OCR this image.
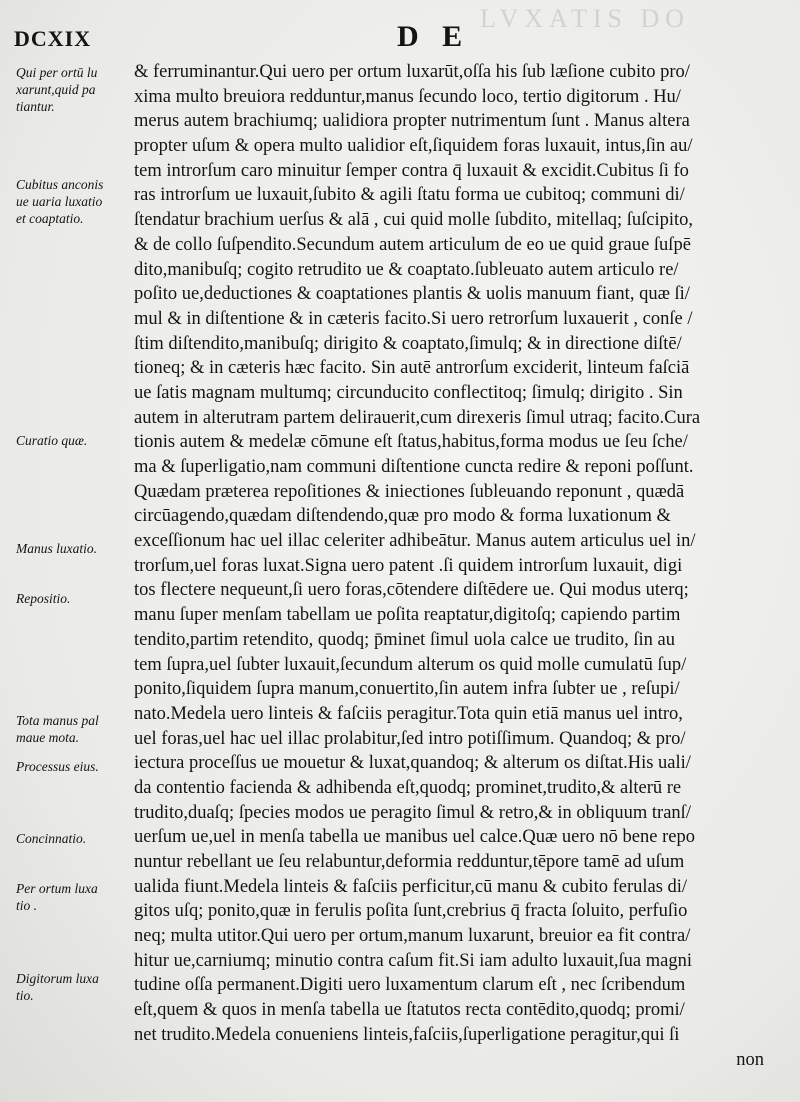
LVXATIS DO
DCXIX	D E
Qui per ortū lu
xarunt,quid pa
tiantur.
Cubitus anconis
ue uaria luxatio
et coaptatio.
Curatio quæ.
Manus luxatio.
Repositio.
Tota manus pal
maue mota.
Processus eius.
Concinnatio.
Per ortum luxa
tio .
Digitorum luxa
tio.
& ferruminantur.Qui uero per ortum luxarūt,oſſa his ſub læſione cubito pro/
xima multo breuiora redduntur,manus ſecundo loco, tertio digitorum . Hu/
merus autem brachiumq; ualidiora propter nutrimentum ſunt . Manus altera
propter uſum & opera multo ualidior eſt,ſiquidem foras luxauit, intus,ſin au/
tem introrſum caro minuitur ſemper contra q̄ luxauit & excidit.Cubitus ſi fo
ras introrſum ue luxauit,ſubito & agili ſtatu forma ue cubitoq; communi di/
ſtendatur brachium uerſus & alā , cui quid molle ſubdito, mitellaq; ſuſcipito,
& de collo ſuſpendito.Secundum autem articulum de eo ue quid graue ſuſpē
dito,manibuſq; cogito retrudito ue & coaptato.ſubleuato autem articulo re/
poſito ue,deductiones & coaptationes plantis & uolis manuum fiant, quæ ſi/
mul & in diſtentione & in cæteris facito.Si uero retrorſum luxauerit , conſe /
ſtim diſtendito,manibuſq; dirigito & coaptato,ſimulq; & in directione diſtē/
tioneq; & in cæteris hæc facito. Sin autē antrorſum exciderit, linteum faſciā
ue ſatis magnam multumq; circunducito conflectitoq; ſimulq; dirigito . Sin
autem in alterutram partem delirauerit,cum direxeris ſimul utraq; facito.Cura
tionis autem & medelæ cōmune eſt ſtatus,habitus,forma modus ue ſeu ſche/
ma & ſuperligatio,nam communi diſtentione cuncta redire & reponi poſſunt.
Quædam præterea repoſitiones & iniectiones ſubleuando reponunt , quædā
circūagendo,quædam diſtendendo,quæ pro modo & forma luxationum &
exceſſionum hac uel illac celeriter adhibeātur. Manus autem articulus uel in/
trorſum,uel foras luxat.Signa uero patent .ſi quidem introrſum luxauit, digi
tos flectere nequeunt,ſi uero foras,cōtendere diſtēdere ue. Qui modus uterq;
manu ſuper menſam tabellam ue poſita reaptatur,digitoſq; capiendo partim
tendito,partim retendito, quodq; p̄minet ſimul uola calce ue trudito, ſin au
tem ſupra,uel ſubter luxauit,ſecundum alterum os quid molle cumulatū ſup/
ponito,ſiquidem ſupra manum,conuertito,ſin autem infra ſubter ue , reſupi/
nato.Medela uero linteis & faſciis peragitur.Tota quin etiā manus uel intro,
uel foras,uel hac uel illac prolabitur,ſed intro potiſſimum. Quandoq; & pro/
iectura proceſſus ue mouetur & luxat,quandoq; & alterum os diſtat.His uali/
da contentio facienda & adhibenda eſt,quodq; prominet,trudito,& alterū re
trudito,duaſq; ſpecies modos ue peragito ſimul & retro,& in obliquum tranſ/
uerſum ue,uel in menſa tabella ue manibus uel calce.Quæ uero nō bene repo
nuntur rebellant ue ſeu relabuntur,deformia redduntur,tēpore tamē ad uſum
ualida fiunt.Medela linteis & faſciis perficitur,cū manu & cubito ferulas di/
gitos uſq; ponito,quæ in ferulis poſita ſunt,crebrius q̄ fracta ſoluito, perfuſio
neq; multa utitor.Qui uero per ortum,manum luxarunt, breuior ea fit contra/
hitur ue,carniumq; minutio contra caſum fit.Si iam adulto luxauit,ſua magni
tudine oſſa permanent.Digiti uero luxamentum clarum eſt , nec ſcribendum
eſt,quem & quos in menſa tabella ue ſtatutos recta contēdito,quodq; promi/
net trudito.Medela conueniens linteis,faſciis,ſuperligatione peragitur,qui ſi
non
